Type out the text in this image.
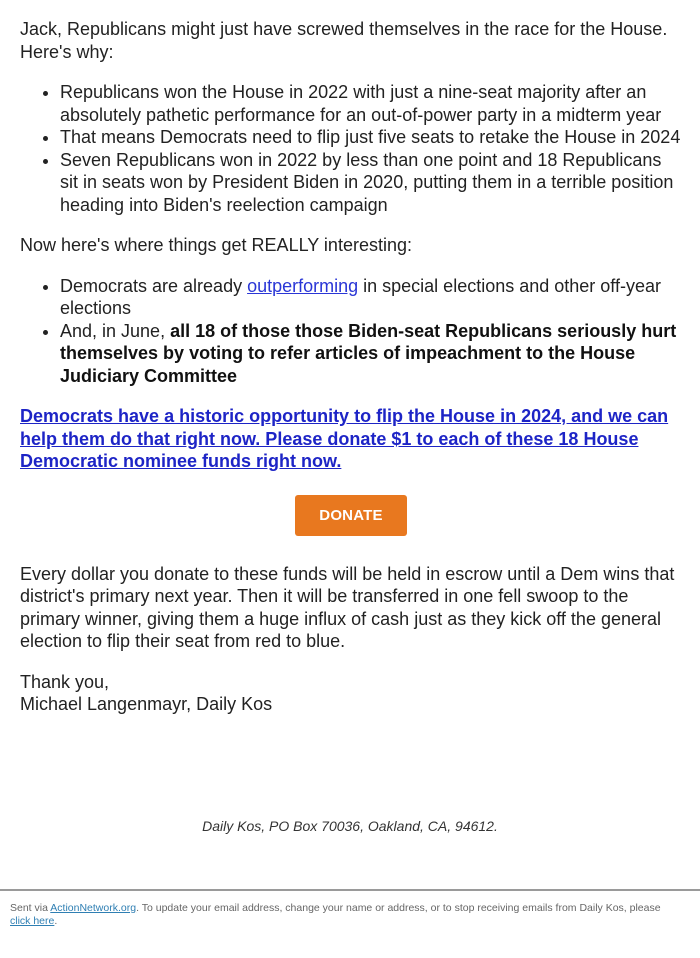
Jack, Republicans might just have screwed themselves in the race for the House. Here's why:

• Republicans won the House in 2022 with just a nine-seat majority after an absolutely pathetic performance for an out-of-power party in a midterm year
• That means Democrats need to flip just five seats to retake the House in 2024
• Seven Republicans won in 2022 by less than one point and 18 Republicans sit in seats won by President Biden in 2020, putting them in a terrible position heading into Biden's reelection campaign

Now here's where things get REALLY interesting:

• Democrats are already outperforming in special elections and other off-year elections
• And, in June, all 18 of those those Biden-seat Republicans seriously hurt themselves by voting to refer articles of impeachment to the House Judiciary Committee
Democrats have a historic opportunity to flip the House in 2024, and we can help them do that right now. Please donate $1 to each of these 18 House Democratic nominee funds right now.
DONATE

Every dollar you donate to these funds will be held in escrow until a Dem wins that district's primary next year. Then it will be transferred in one fell swoop to the primary winner, giving them a huge influx of cash just as they kick off the general election to flip their seat from red to blue.

Thank you,

Michael Langenmayr, Daily Kos

Daily Kos, PO Box 70036, Oakland, CA, 94612.
Sent via ActionNetwork.org. To update your email address, change your name or address, or to stop receiving emails from Daily Kos, please click here.
